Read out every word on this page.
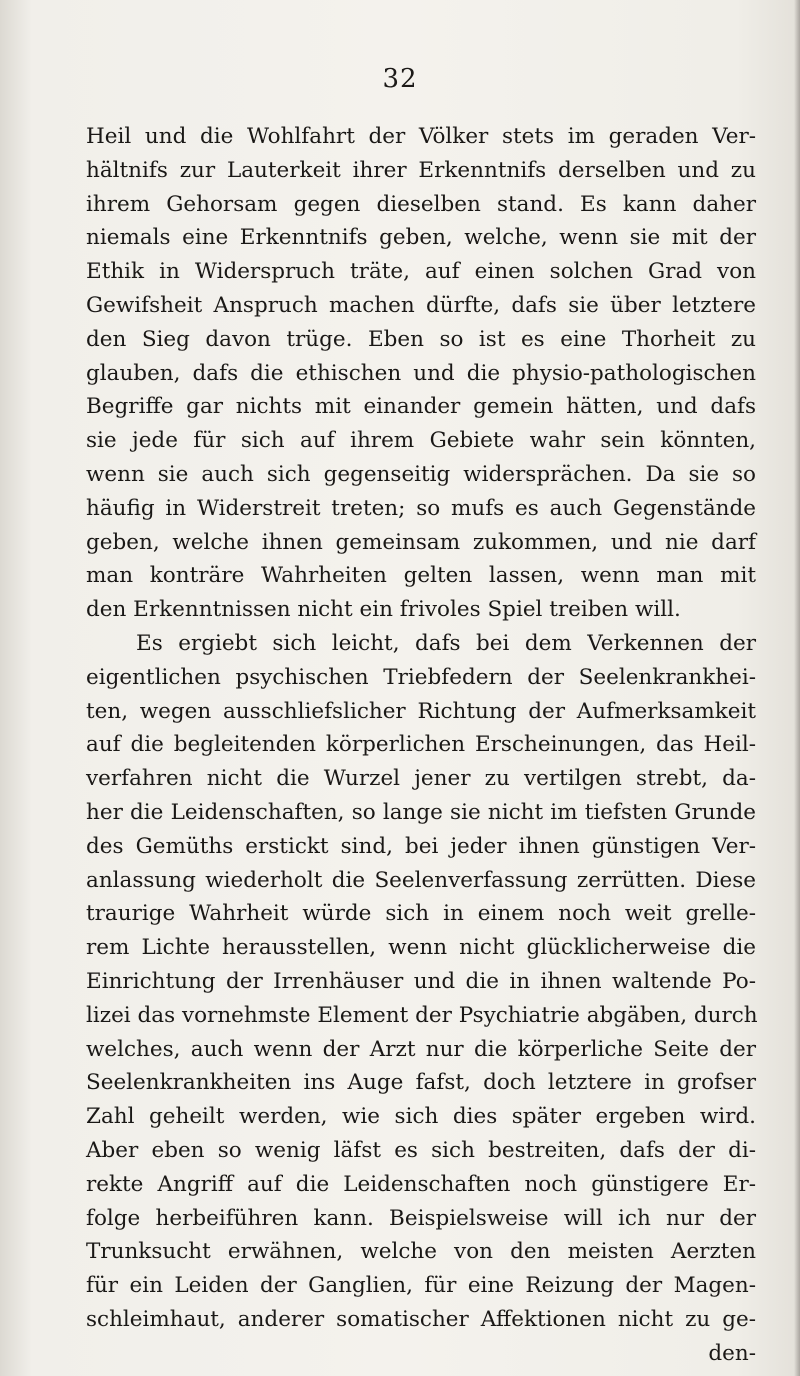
32
Heil und die Wohlfahrt der Völker stets im geraden Ver-
hältnifs zur Lauterkeit ihrer Erkenntnifs derselben und zu
ihrem Gehorsam gegen dieselben stand. Es kann daher
niemals eine Erkenntnifs geben, welche, wenn sie mit der
Ethik in Widerspruch träte, auf einen solchen Grad von
Gewifsheit Anspruch machen dürfte, dafs sie über letztere
den Sieg davon trüge. Eben so ist es eine Thorheit zu
glauben, dafs die ethischen und die physio-pathologischen
Begriffe gar nichts mit einander gemein hätten, und dafs
sie jede für sich auf ihrem Gebiete wahr sein könnten,
wenn sie auch sich gegenseitig widersprächen. Da sie so
häufig in Widerstreit treten; so mufs es auch Gegenstände
geben, welche ihnen gemeinsam zukommen, und nie darf
man konträre Wahrheiten gelten lassen, wenn man mit
den Erkenntnissen nicht ein frivoles Spiel treiben will.
Es ergiebt sich leicht, dafs bei dem Verkennen der
eigentlichen psychischen Triebfedern der Seelenkrankhei-
ten, wegen ausschliefslicher Richtung der Aufmerksamkeit
auf die begleitenden körperlichen Erscheinungen, das Heil-
verfahren nicht die Wurzel jener zu vertilgen strebt, da-
her die Leidenschaften, so lange sie nicht im tiefsten Grunde
des Gemüths erstickt sind, bei jeder ihnen günstigen Ver-
anlassung wiederholt die Seelenverfassung zerrütten. Diese
traurige Wahrheit würde sich in einem noch weit grelle-
rem Lichte herausstellen, wenn nicht glücklicherweise die
Einrichtung der Irrenhäuser und die in ihnen waltende Po-
lizei das vornehmste Element der Psychiatrie abgäben, durch
welches, auch wenn der Arzt nur die körperliche Seite der
Seelenkrankheiten ins Auge fafst, doch letztere in grofser
Zahl geheilt werden, wie sich dies später ergeben wird.
Aber eben so wenig läfst es sich bestreiten, dafs der di-
rekte Angriff auf die Leidenschaften noch günstigere Er-
folge herbeiführen kann. Beispielsweise will ich nur der
Trunksucht erwähnen, welche von den meisten Aerzten
für ein Leiden der Ganglien, für eine Reizung der Magen-
schleimhaut, anderer somatischer Affektionen nicht zu ge-
den-
